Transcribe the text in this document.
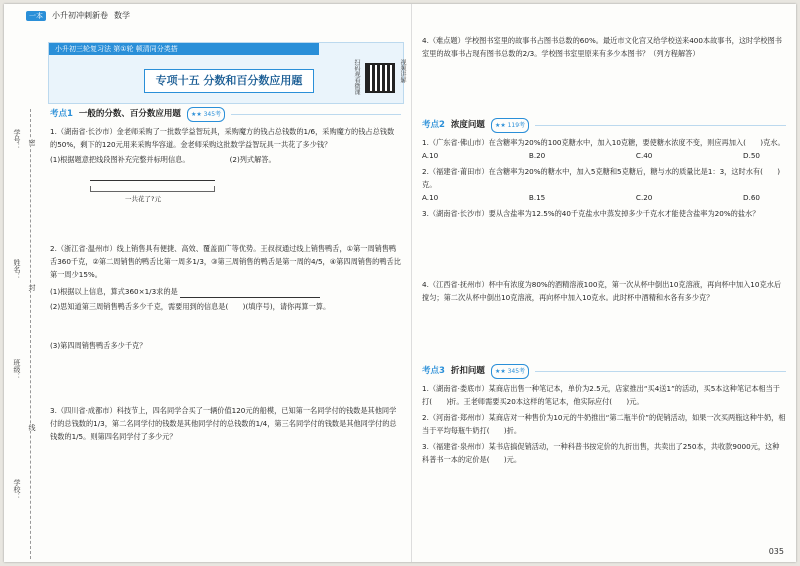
一本	小升初冲刺新卷 数学
小升初三轮复习法 第①轮 顿清同分类搭
专项十五 分数和百分数应用题	扫码观看微课	视频讲解
学号：
姓名：
班级：
学校：
密
封
线
考点1 一般的分数、百分数应用题	★★ 345考
1.（湖南省·长沙市）金老师采购了一批数学益智玩具，采购魔方的钱占总钱数的1/6，采购魔方的钱占总钱数的50%，剩下的120元用来采购华容道。金老师采购这批数学益智玩具一共花了多少钱？
(1)根据题意把线段图补充完整并标明信息。	(2)列式解答。
一共花了?元
2.（浙江省·温州市）线上销售具有便捷、高效、覆盖面广等优势。王叔叔通过线上销售鸭舌，①第一周销售鸭舌360千克，②第二周销售的鸭舌比第一周多1/3，③第三周销售的鸭舌是第一周的4/5，④第四周销售的鸭舌比第一周少15%。
(1)根据以上信息，算式360×1/3求的是
(2)思知道第三周销售鸭舌多少千克，需要用到的信息是(　　)(填序号)，请你再算一算。
(3)第四周销售鸭舌多少千克？
3.（四川省·成都市）科技节上，四名同学合买了一辆价值120元的船模，已知第一名同学付的钱数是其他同学付的总钱数的1/3，第二名同学付的钱数是其他同学付的总钱数的1/4，第三名同学付的钱数是其他同学付的总钱数的1/5。则第四名同学付了多少元？
4.（难点题）学校图书室里的故事书占图书总数的60%。最近市文化宫又给学校送来400本故事书，这时学校图书室里的故事书占现有图书总数的2/3。学校图书室里原来有多少本图书？（列方程解答）
考点2 浓度问题	★★ 119考
1.（广东省·佛山市）在含糖率为20%的100克糖水中，加入10克糖，要使糖水浓度不变，则应再加入(　　)克水。
A.10	B.20	C.40	D.50
2.（福建省·莆田市）在含糖率为20%的糖水中，加入5克糖和5克糖后，糖与水的质量比是1：3，这时水有(　　)克。
A.10	B.15	C.20	D.60
3.（湖南省·长沙市）要从含盐率为12.5%的40千克盐水中蒸发掉多少千克水才能使含盐率为20%的盐水？
4.（江西省·抚州市）杯中有浓度为80%的酒精溶液100克，第一次从杯中倒出10克溶液，再向杯中加入10克水后搅匀；第二次从杯中倒出10克溶液，再向杯中加入10克水。此时杯中酒精和水各有多少克？
考点3 折扣问题	★★ 345考
1.（湖南省·娄底市）某商店出售一种笔记本，单价为2.5元，店家推出“买4送1”的活动，买5本这种笔记本相当于打(　　)折。王老师需要买20本这样的笔记本，他实际应付(　　)元。
2.（河南省·郑州市）某商店对一种售价为10元的牛奶推出“第二瓶半价”的促销活动，如果一次买两瓶这种牛奶，相当于平均每瓶牛奶打(　　)折。
3.（福建省·泉州市）某书店搞促销活动，一种科普书按定价的九折出售，共卖出了250本，共收款9000元，这种科普书一本的定价是(　　)元。
035
